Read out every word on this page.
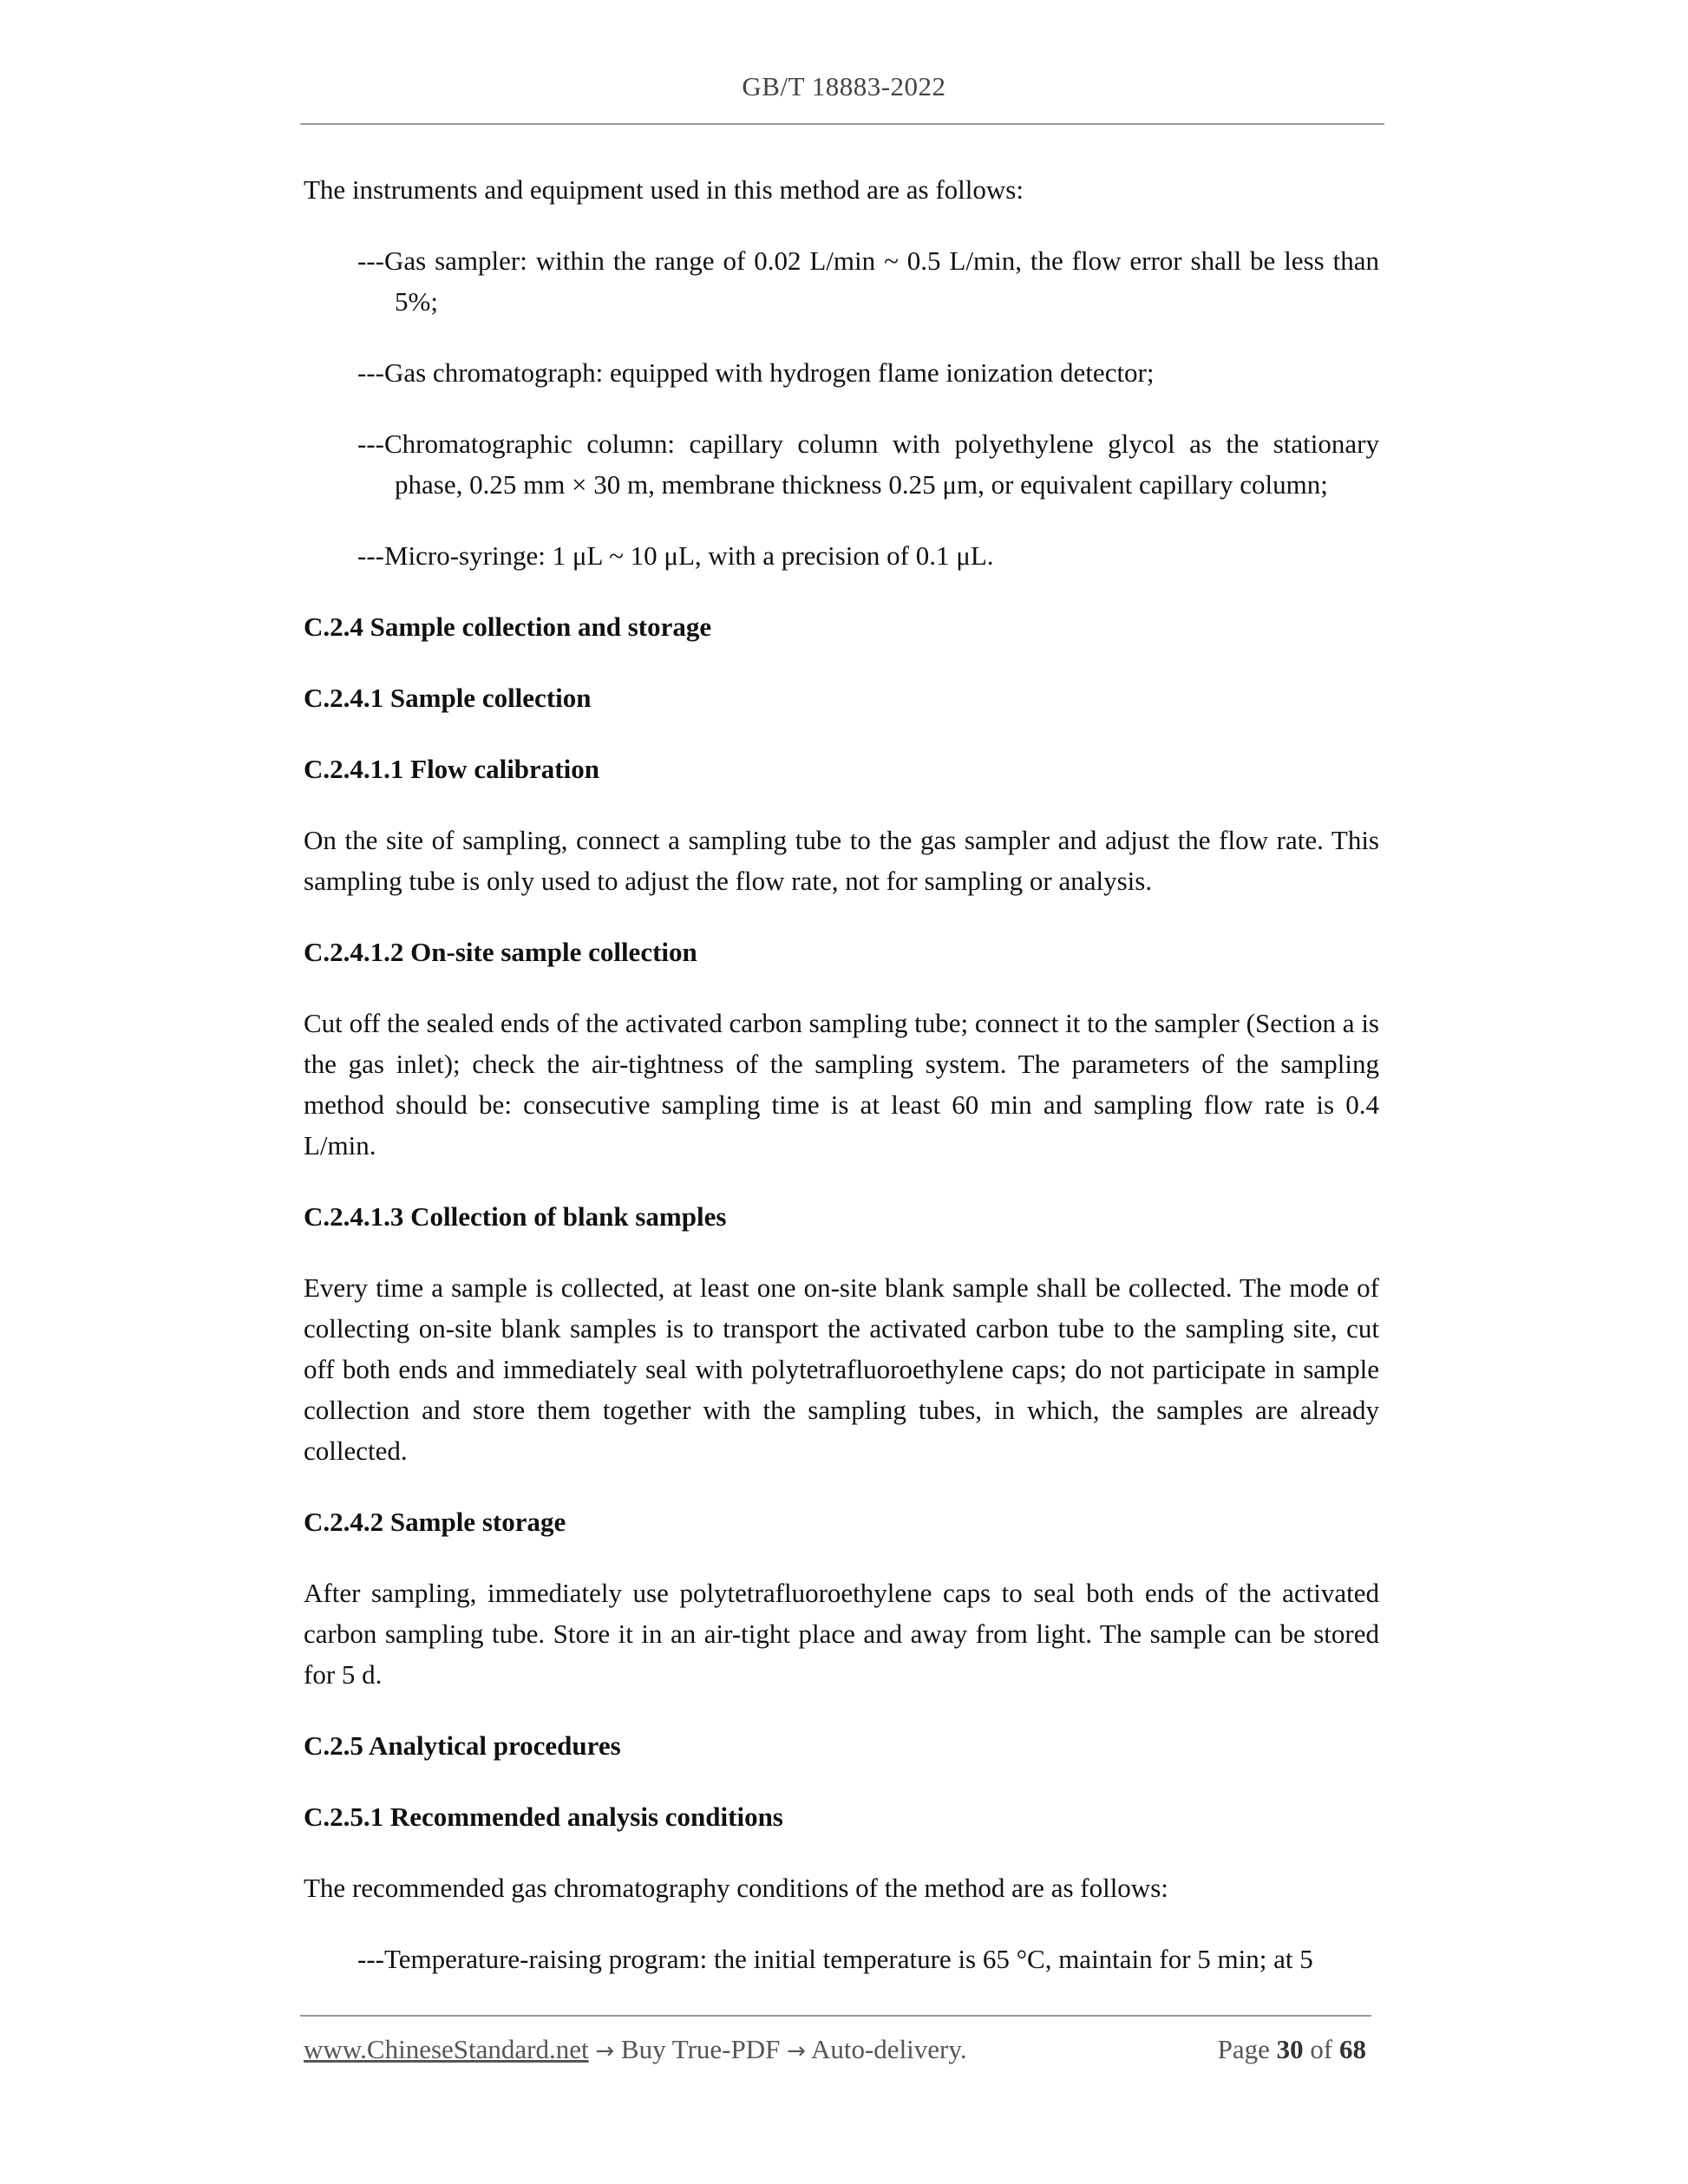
GB/T 18883-2022

The instruments and equipment used in this method are as follows:

---Gas sampler: within the range of 0.02 L/min ~ 0.5 L/min, the flow error shall be less than 5%;

---Gas chromatograph: equipped with hydrogen flame ionization detector;

---Chromatographic column: capillary column with polyethylene glycol as the stationary phase, 0.25 mm × 30 m, membrane thickness 0.25 μm, or equivalent capillary column;

---Micro-syringe: 1 μL ~ 10 μL, with a precision of 0.1 μL.

C.2.4 Sample collection and storage

C.2.4.1 Sample collection

C.2.4.1.1 Flow calibration

On the site of sampling, connect a sampling tube to the gas sampler and adjust the flow rate. This sampling tube is only used to adjust the flow rate, not for sampling or analysis.

C.2.4.1.2 On-site sample collection

Cut off the sealed ends of the activated carbon sampling tube; connect it to the sampler (Section a is the gas inlet); check the air-tightness of the sampling system. The parameters of the sampling method should be: consecutive sampling time is at least 60 min and sampling flow rate is 0.4 L/min.

C.2.4.1.3 Collection of blank samples

Every time a sample is collected, at least one on-site blank sample shall be collected. The mode of collecting on-site blank samples is to transport the activated carbon tube to the sampling site, cut off both ends and immediately seal with polytetrafluoroethylene caps; do not participate in sample collection and store them together with the sampling tubes, in which, the samples are already collected.

C.2.4.2 Sample storage

After sampling, immediately use polytetrafluoroethylene caps to seal both ends of the activated carbon sampling tube. Store it in an air-tight place and away from light. The sample can be stored for 5 d.

C.2.5 Analytical procedures

C.2.5.1 Recommended analysis conditions

The recommended gas chromatography conditions of the method are as follows:

---Temperature-raising program: the initial temperature is 65 °C, maintain for 5 min; at 5

www.ChineseStandard.net → Buy True-PDF → Auto-delivery.	Page 30 of 68
